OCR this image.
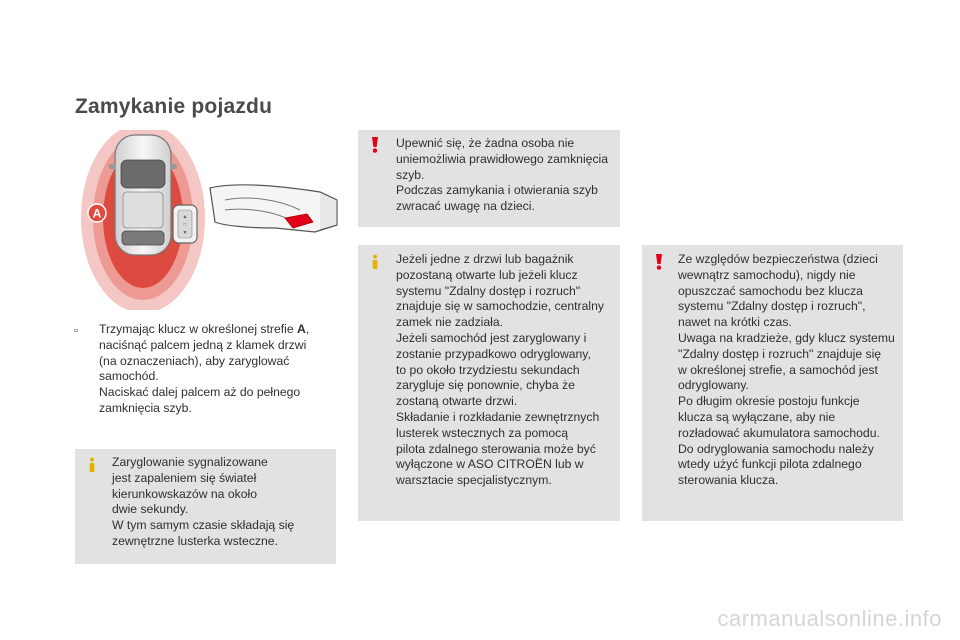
Zamykanie pojazdu
A	▲
□
▼
▫ Trzymając klucz w określonej strefie A,
naciśnąć palcem jedną z klamek drzwi
(na oznaczeniach), aby zaryglować
samochód.
Naciskać dalej palcem aż do pełnego
zamknięcia szyb.
Zaryglowanie sygnalizowane
jest zapaleniem się świateł
kierunkowskazów na około
dwie sekundy.
W tym samym czasie składają się
zewnętrzne lusterka wsteczne.
Upewnić się, że żadna osoba nie
uniemożliwia prawidłowego zamknięcia
szyb.
Podczas zamykania i otwierania szyb
zwracać uwagę na dzieci.
Jeżeli jedne z drzwi lub bagażnik
pozostaną otwarte lub jeżeli klucz
systemu "Zdalny dostęp i rozruch"
znajduje się w samochodzie, centralny
zamek nie zadziała.
Jeżeli samochód jest zaryglowany i
zostanie przypadkowo odryglowany,
to po około trzydziestu sekundach
zarygluje się ponownie, chyba że
zostaną otwarte drzwi.
Składanie i rozkładanie zewnętrznych
lusterek wstecznych za pomocą
pilota zdalnego sterowania może być
wyłączone w ASO CITROËN lub w
warsztacie specjalistycznym.
Ze względów bezpieczeństwa (dzieci
wewnątrz samochodu), nigdy nie
opuszczać samochodu bez klucza
systemu "Zdalny dostęp i rozruch",
nawet na krótki czas.
Uwaga na kradzieże, gdy klucz systemu
"Zdalny dostęp i rozruch" znajduje się
w określonej strefie, a samochód jest
odryglowany.
Po długim okresie postoju funkcje
klucza są wyłączane, aby nie
rozładować akumulatora samochodu.
Do odryglowania samochodu należy
wtedy użyć funkcji pilota zdalnego
sterowania klucza.
carmanualsonline.info
